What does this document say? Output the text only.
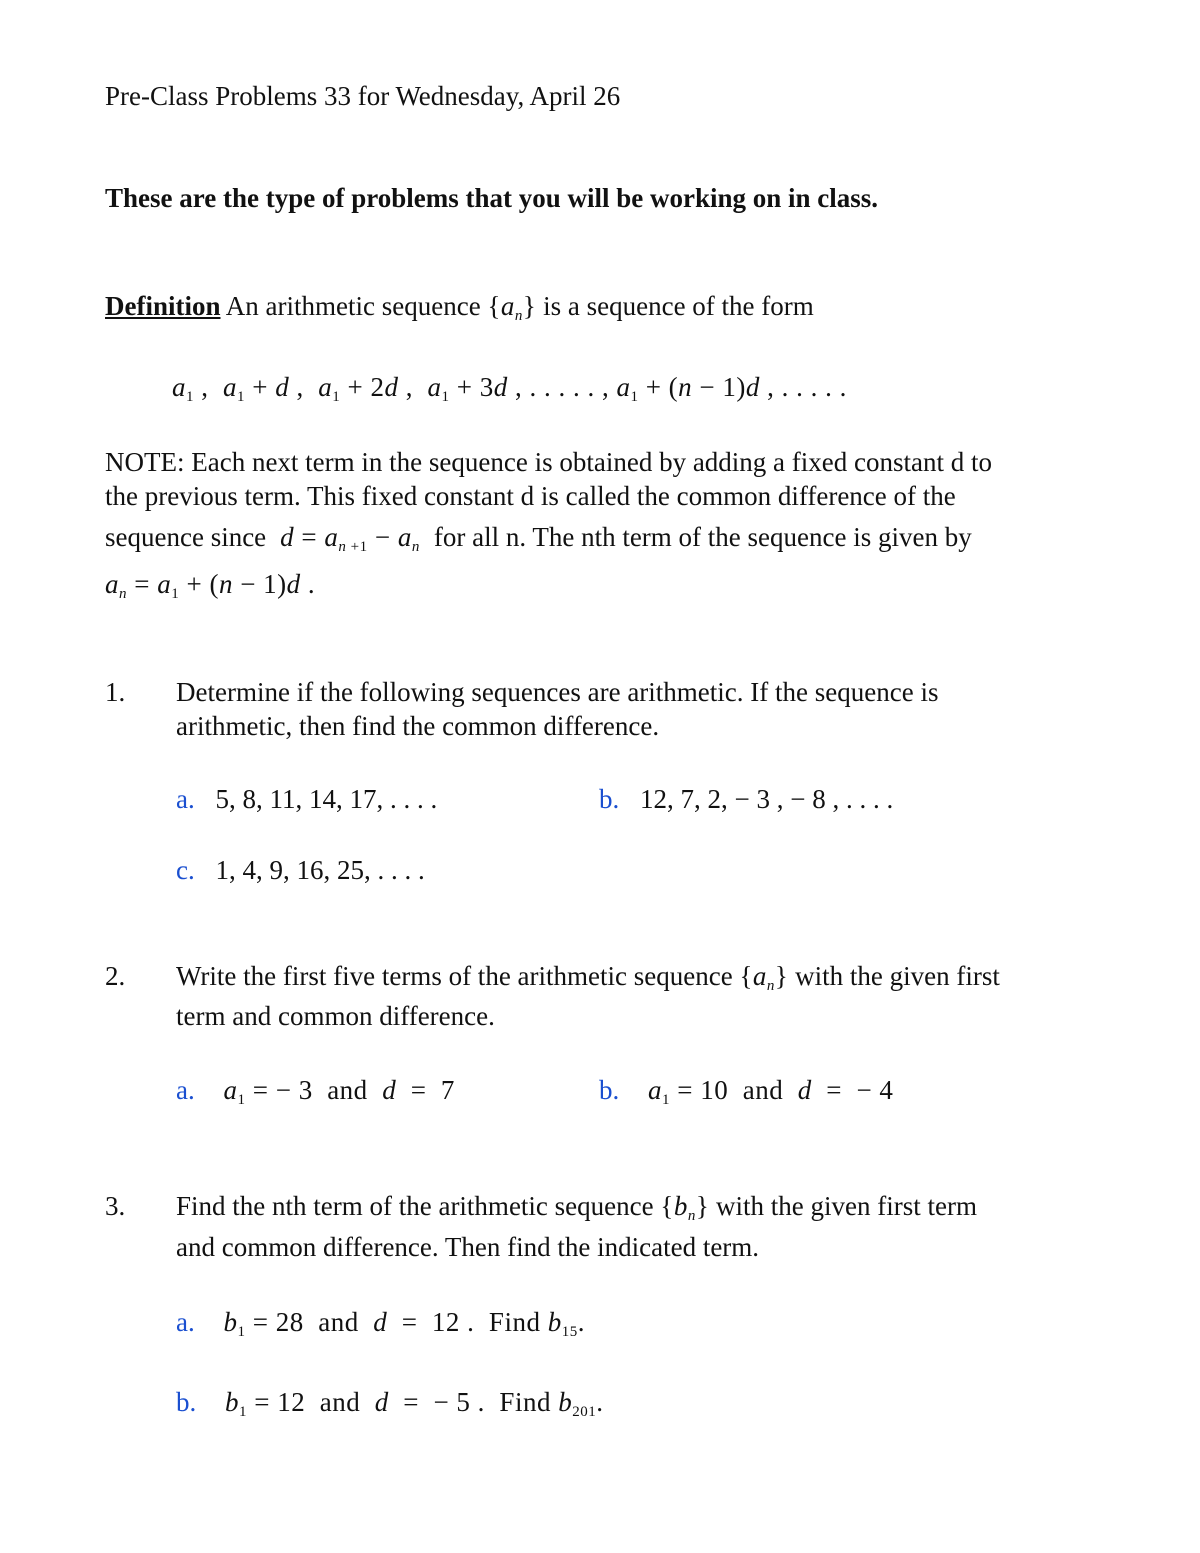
Pre-Class Problems 33 for Wednesday, April 26
These are the type of problems that you will be working on in class.
Definition An arithmetic sequence $\{a_n\}$ is a sequence of the form
$a_1$ ,  $a_1 + d$ ,  $a_1 + 2d$ ,  $a_1 + 3d$ , . . . . . , $a_1 + (n - 1)d$ , . . . . .
NOTE: Each next term in the sequence is obtained by adding a fixed constant d to
the previous term. This fixed constant d is called the common difference of the
sequence since $d = a_{n +1} - a_n$ for all n. The nth term of the sequence is given by
$a_n = a_1 + (n - 1)d$ .
1. Determine if the following sequences are arithmetic. If the sequence is
arithmetic, then find the common difference.
a. 5, 8, 11, 14, 17, . . . .	b. 12, 7, 2, − 3 , − 8 , . . . .
c. 1, 4, 9, 16, 25, . . . .
2. Write the first five terms of the arithmetic sequence $\{a_n\}$ with the given first
term and common difference.
a. $a_1$ = − 3  and  d  =  7	b. $a_1 = 10$  and  d  =  − 4
3. Find the nth term of the arithmetic sequence $\{b_n\}$ with the given first term
and common difference. Then find the indicated term.
a. $b_1 = 28$  and  d  =  12 .  Find $b_{15}$.
b. $b_1 = 12$  and  d  =  − 5 .  Find $b_{201}$.
